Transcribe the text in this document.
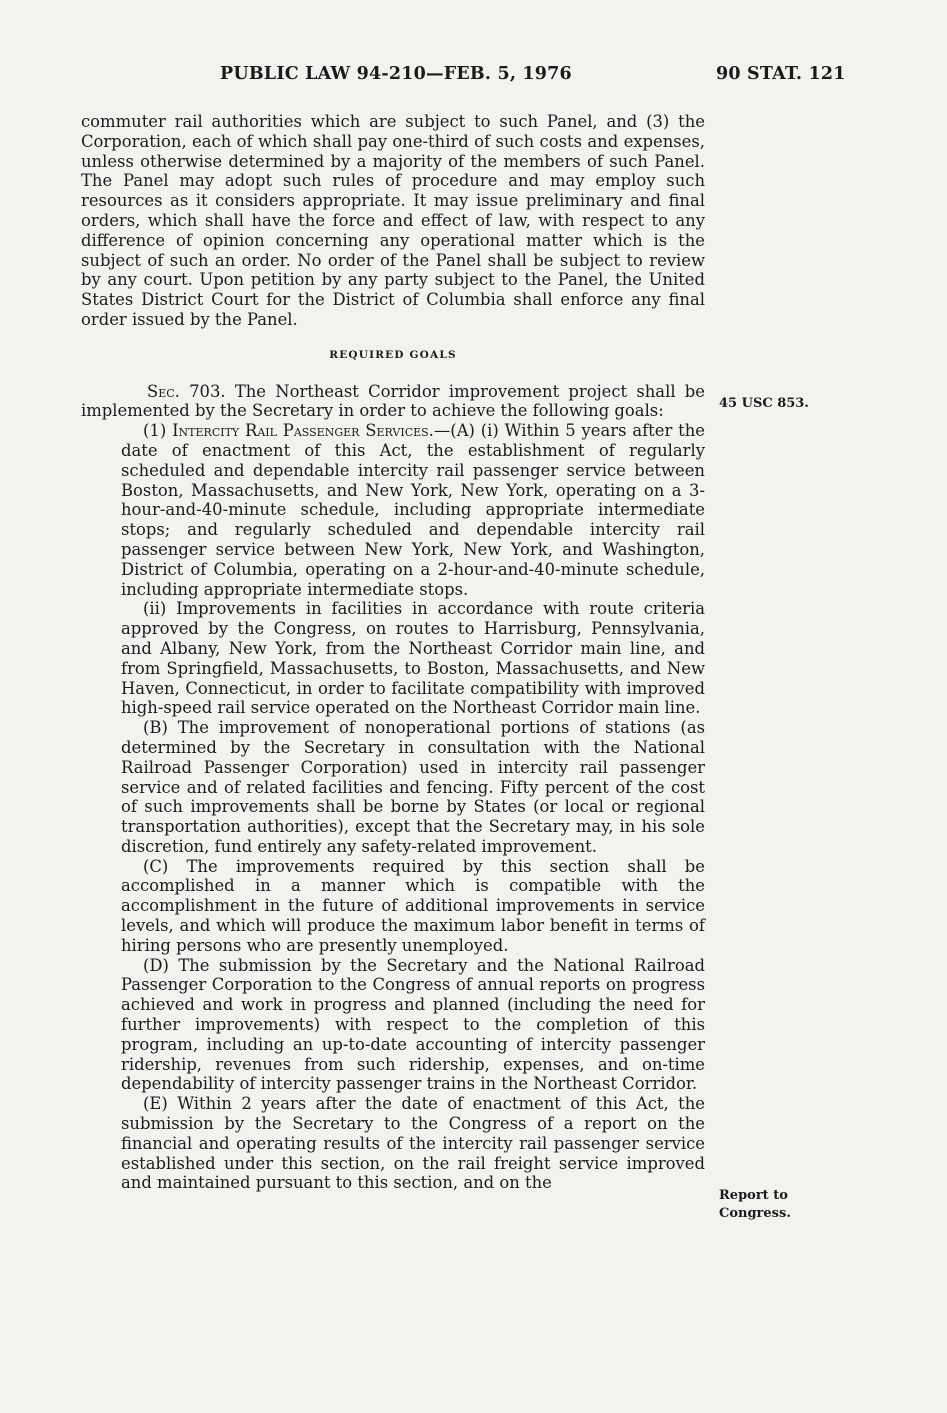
PUBLIC LAW 94-210—FEB. 5, 1976	90 STAT. 121

commuter rail authorities which are subject to such Panel, and (3) the Corporation, each of which shall pay one-third of such costs and expenses, unless otherwise determined by a majority of the members of such Panel. The Panel may adopt such rules of procedure and may employ such resources as it considers appropriate. It may issue preliminary and final orders, which shall have the force and effect of law, with respect to any difference of opinion concerning any operational matter which is the subject of such an order. No order of the Panel shall be subject to review by any court. Upon petition by any party subject to the Panel, the United States District Court for the District of Columbia shall enforce any final order issued by the Panel.

REQUIRED GOALS

Sec. 703. The Northeast Corridor improvement project shall be implemented by the Secretary in order to achieve the following goals:

(1) Intercity Rail Passenger Services.—(A) (i) Within 5 years after the date of enactment of this Act, the establishment of regularly scheduled and dependable intercity rail passenger service between Boston, Massachusetts, and New York, New York, operating on a 3-hour-and-40-minute schedule, including appropriate intermediate stops; and regularly scheduled and dependable intercity rail passenger service between New York, New York, and Washington, District of Columbia, operating on a 2-hour-and-40-minute schedule, including appropriate intermediate stops.

(ii) Improvements in facilities in accordance with route criteria approved by the Congress, on routes to Harrisburg, Pennsylvania, and Albany, New York, from the Northeast Corridor main line, and from Springfield, Massachusetts, to Boston, Massachusetts, and New Haven, Connecticut, in order to facilitate compatibility with improved high-speed rail service operated on the Northeast Corridor main line.

(B) The improvement of nonoperational portions of stations (as determined by the Secretary in consultation with the National Railroad Passenger Corporation) used in intercity rail passenger service and of related facilities and fencing. Fifty percent of the cost of such improvements shall be borne by States (or local or regional transportation authorities), except that the Secretary may, in his sole discretion, fund entirely any safety-related improvement.

(C) The improvements required by this section shall be accomplished in a manner which is compatible with the accomplishment in the future of additional improvements in service levels, and which will produce the maximum labor benefit in terms of hiring persons who are presently unemployed.

(D) The submission by the Secretary and the National Railroad Passenger Corporation to the Congress of annual reports on progress achieved and work in progress and planned (including the need for further improvements) with respect to the completion of this program, including an up-to-date accounting of intercity passenger ridership, revenues from such ridership, expenses, and on-time dependability of intercity passenger trains in the Northeast Corridor.

(E) Within 2 years after the date of enactment of this Act, the submission by the Secretary to the Congress of a report on the financial and operating results of the intercity rail passenger service established under this section, on the rail freight service improved and maintained pursuant to this section, and on the

45 USC 853.
Report to
Congress.
